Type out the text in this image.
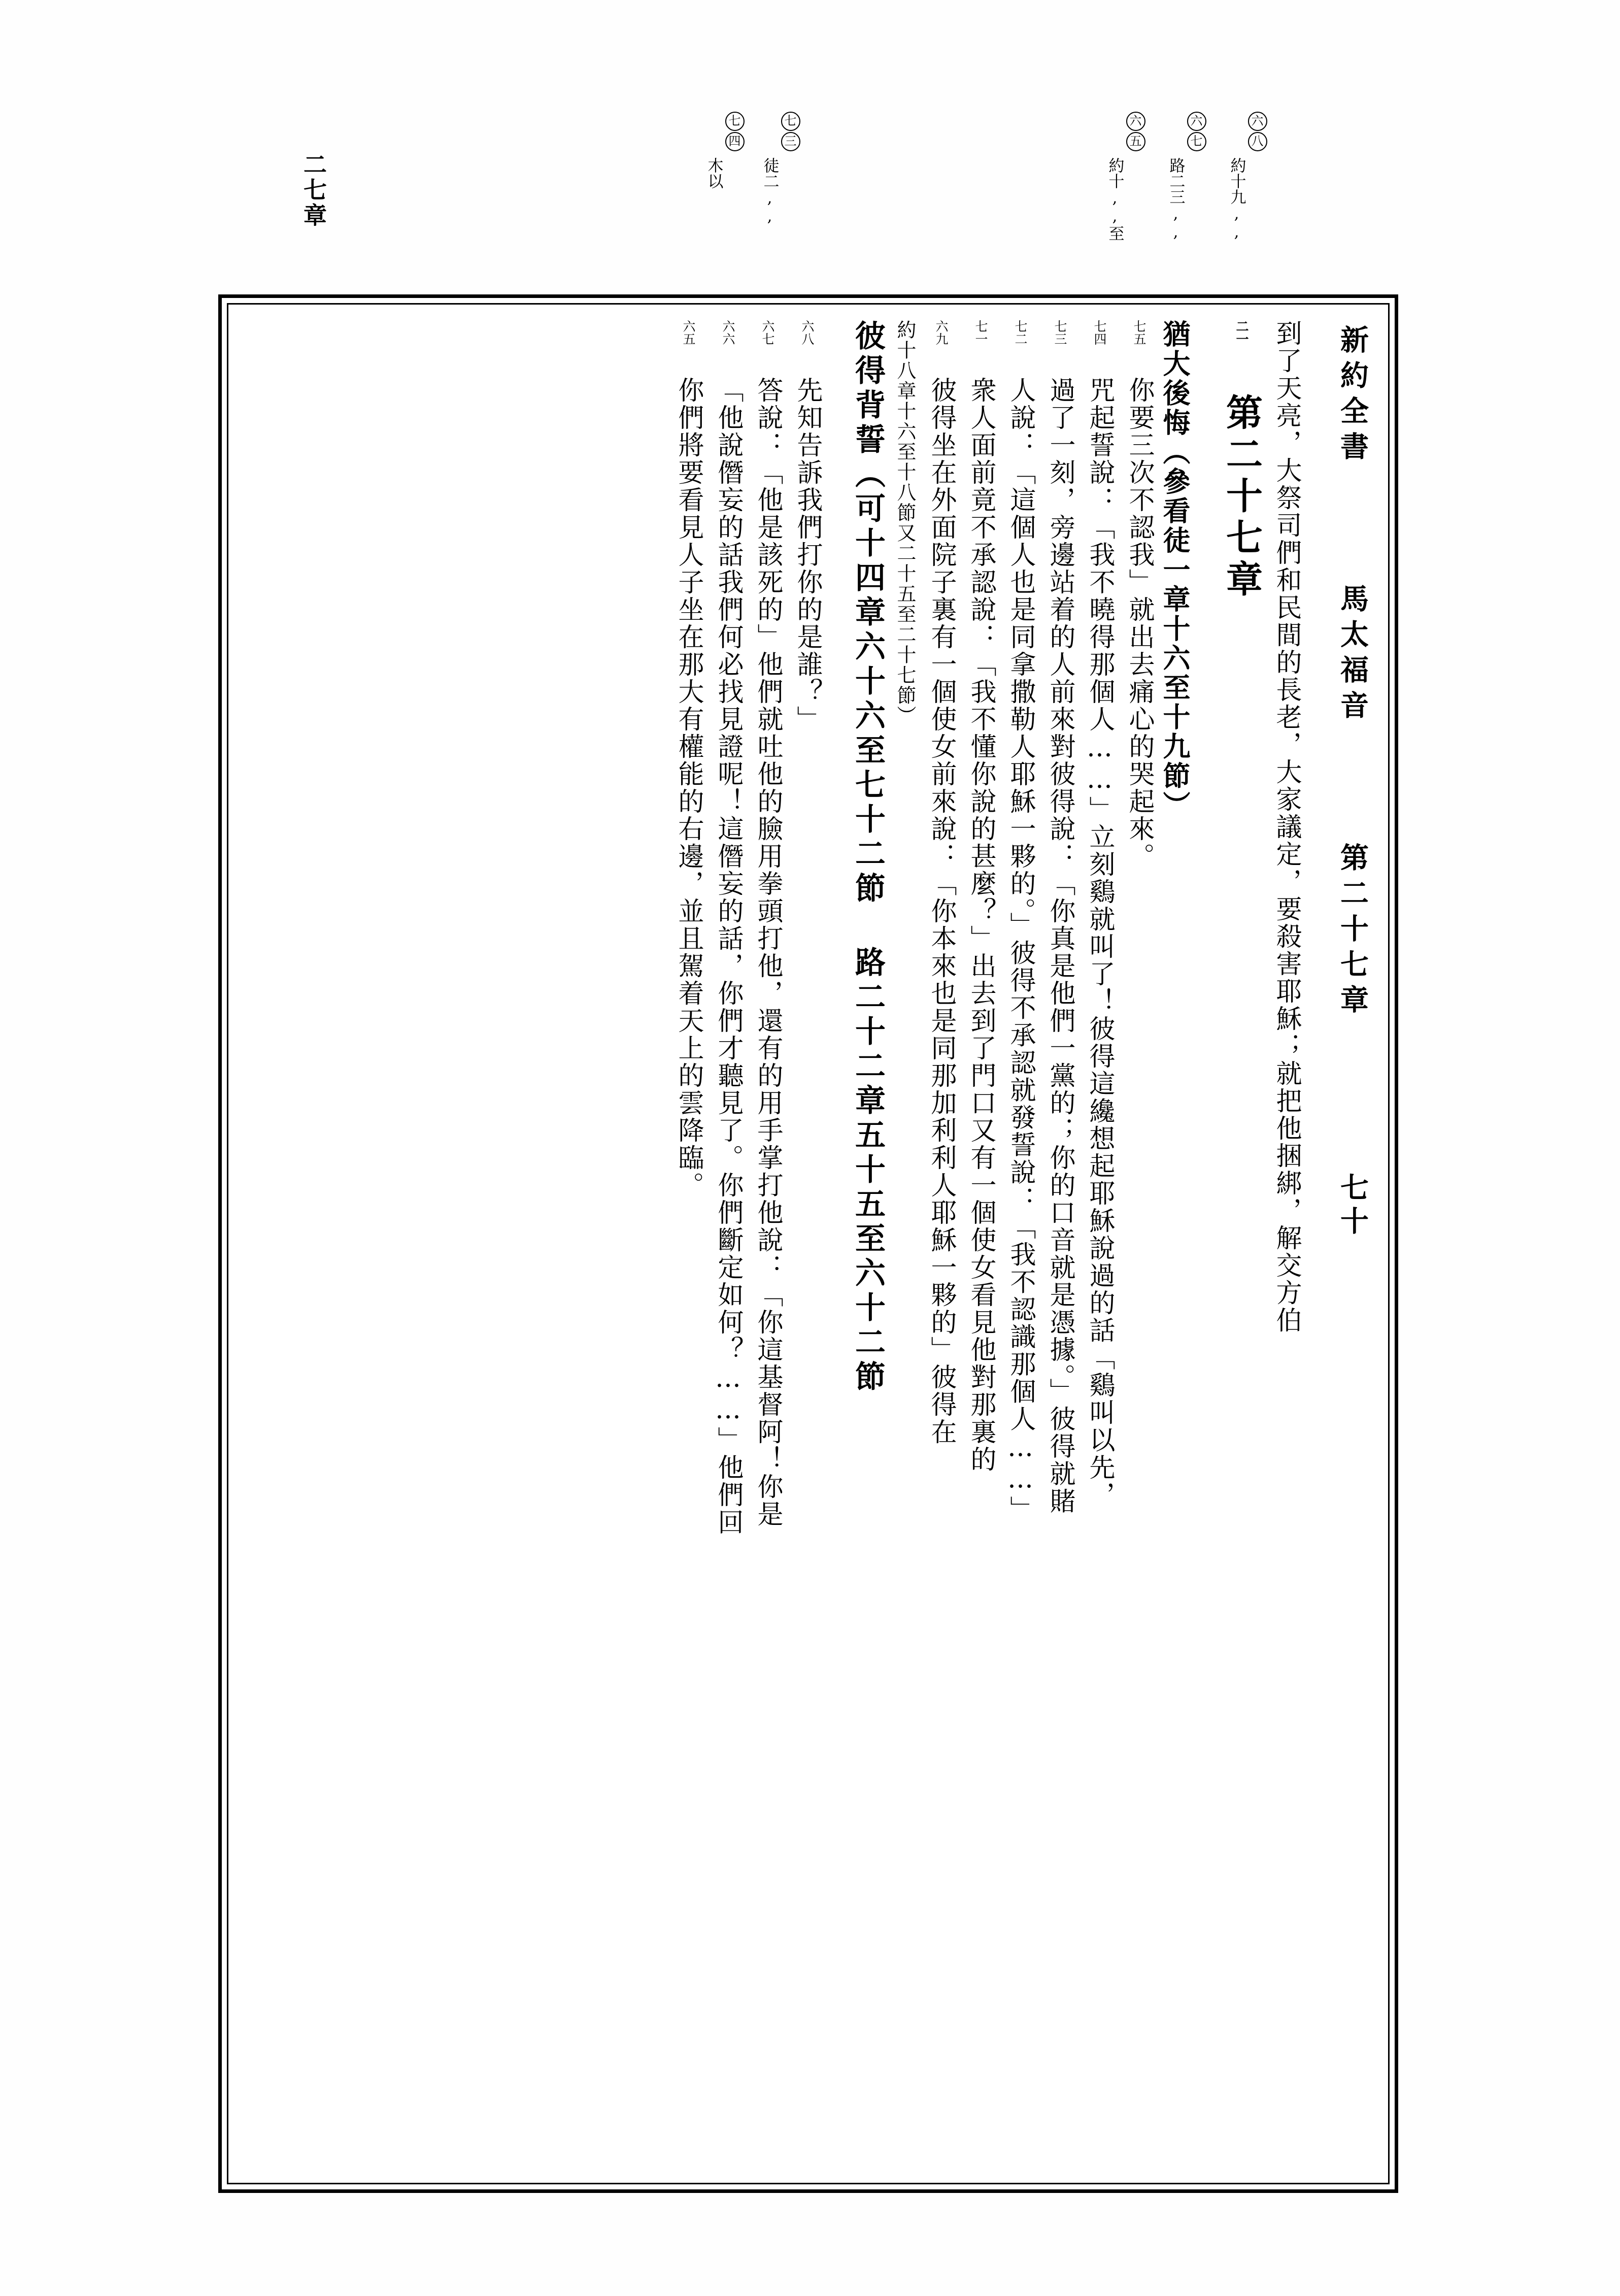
六
五
約十,,至
六
七
路二三,,
六
八
約十九,,
七
三
徒二,,
七
四
木以
二七章
新約全書 　 馬太福音 　 第二十七章 　　 七十
六五 你們將要看見人子坐在那大有權能的右邊，並且駕着天上的雲降臨。
六六 「他說僭妄的話我們何必找見證呢！這僭妄的話，你們才聽見了。你們斷定如何？……」他們回
六七 答說：「他是該死的」他們就吐他的臉用拳頭打他，還有的用手掌打他說：「你這基督阿！你是
六八 先知告訴我們打你的是誰？」 彼得背誓（可十四章六十六至七十二節 路二十二章五十五至六十二節 約十八章十六至十八節又二十五至二十七節）	六九 彼得坐在外面院子裏有一個使女前來說：「你本來也是同那加利利人耶穌一夥的」彼得在
七一 衆人面前竟不承認說：「我不懂你說的甚麼？」出去到了門口又有一個使女看見他對那裏的
七二 人說：「這個人也是同拿撒勒人耶穌一夥的。」彼得不承認就發誓說：「我不認識那個人……」
七三 過了一刻，旁邊站着的人前來對彼得說：「你真是他們一黨的；你的口音就是憑據。」彼得就賭
七四 咒起誓說：「我不曉得那個人……」立刻鷄就叫了！彼得這纔想起耶穌說過的話「鷄叫以先，
七五 你要三次不認我」就出去痛心的哭起來。 猶大後悔（參看徒一章十六至十九節）	二一 第二十七章 到了天亮，大祭司們和民間的長老，大家議定，要殺害耶穌；就把他捆綁，解交方伯
